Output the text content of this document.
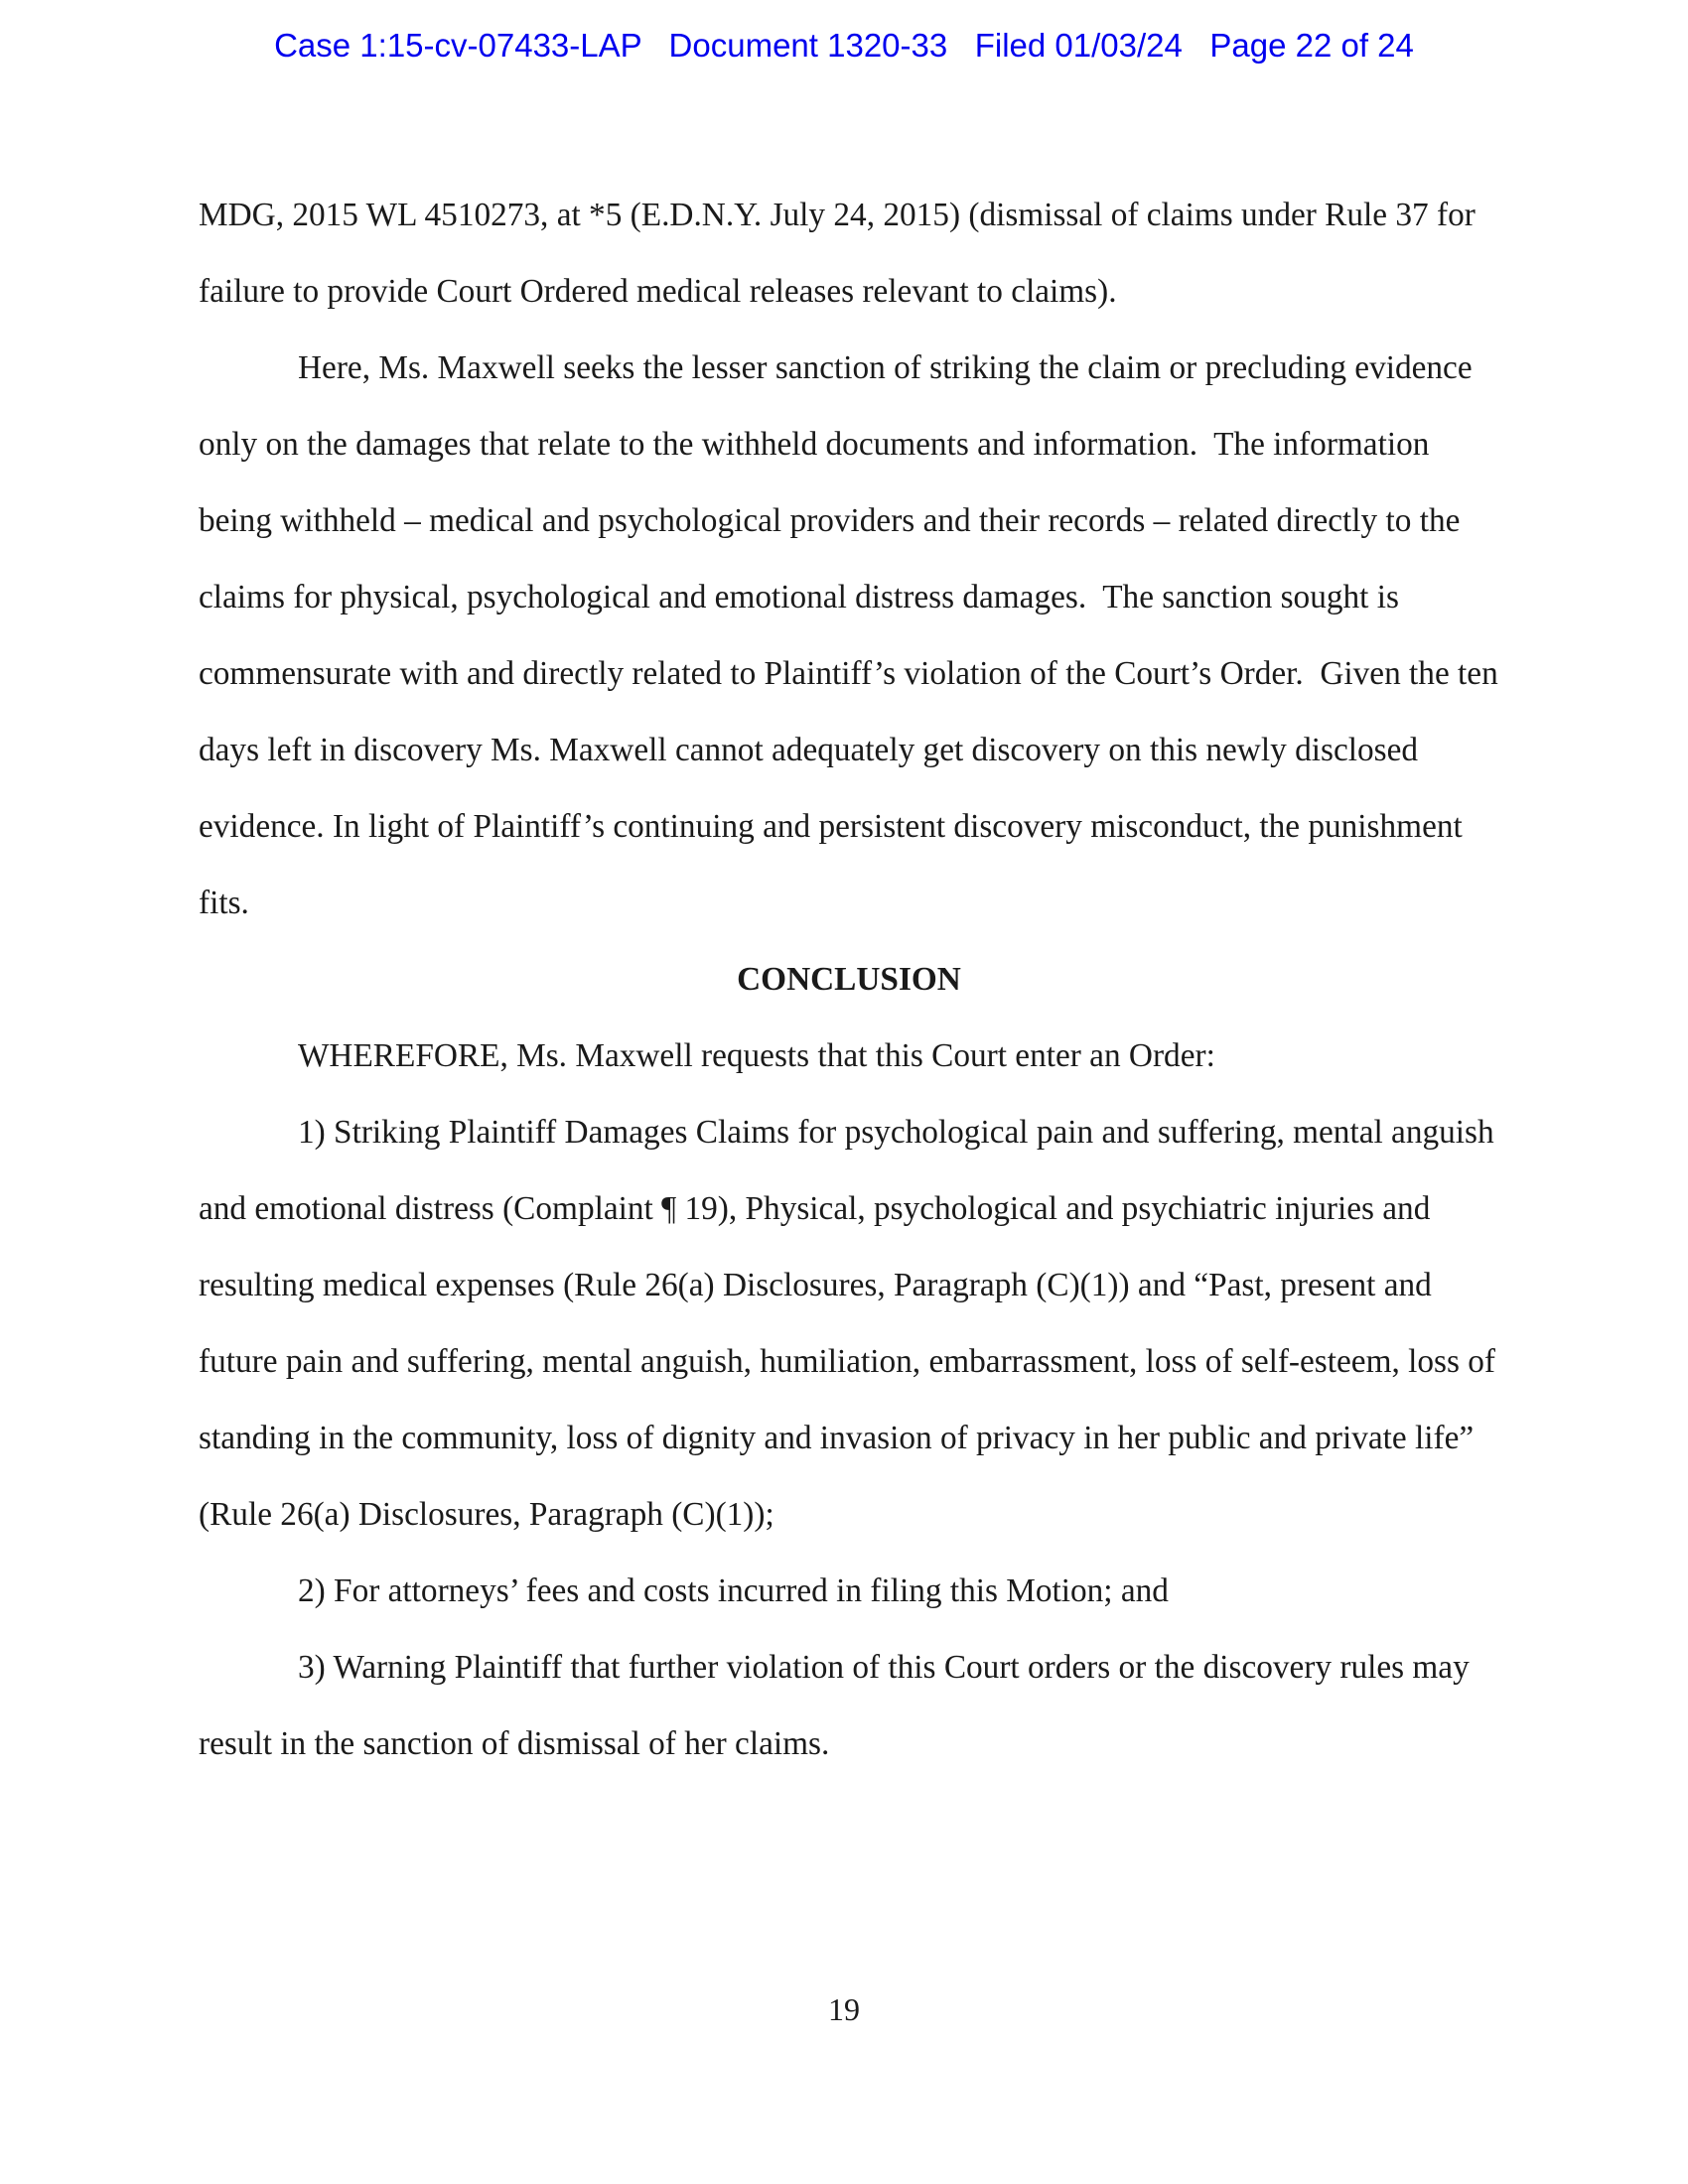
Case 1:15-cv-07433-LAP   Document 1320-33   Filed 01/03/24   Page 22 of 24

MDG, 2015 WL 4510273, at *5 (E.D.N.Y. July 24, 2015) (dismissal of claims under Rule 37 for failure to provide Court Ordered medical releases relevant to claims).

Here, Ms. Maxwell seeks the lesser sanction of striking the claim or precluding evidence only on the damages that relate to the withheld documents and information.  The information being withheld – medical and psychological providers and their records – related directly to the claims for physical, psychological and emotional distress damages.  The sanction sought is commensurate with and directly related to Plaintiff’s violation of the Court’s Order.  Given the ten days left in discovery Ms. Maxwell cannot adequately get discovery on this newly disclosed evidence. In light of Plaintiff’s continuing and persistent discovery misconduct, the punishment fits.

CONCLUSION

WHEREFORE, Ms. Maxwell requests that this Court enter an Order:

1) Striking Plaintiff Damages Claims for psychological pain and suffering, mental anguish and emotional distress (Complaint ¶ 19), Physical, psychological and psychiatric injuries and resulting medical expenses (Rule 26(a) Disclosures, Paragraph (C)(1)) and “Past, present and future pain and suffering, mental anguish, humiliation, embarrassment, loss of self-esteem, loss of standing in the community, loss of dignity and invasion of privacy in her public and private life” (Rule 26(a) Disclosures, Paragraph (C)(1));

2) For attorneys’ fees and costs incurred in filing this Motion; and

3) Warning Plaintiff that further violation of this Court orders or the discovery rules may result in the sanction of dismissal of her claims.

19
